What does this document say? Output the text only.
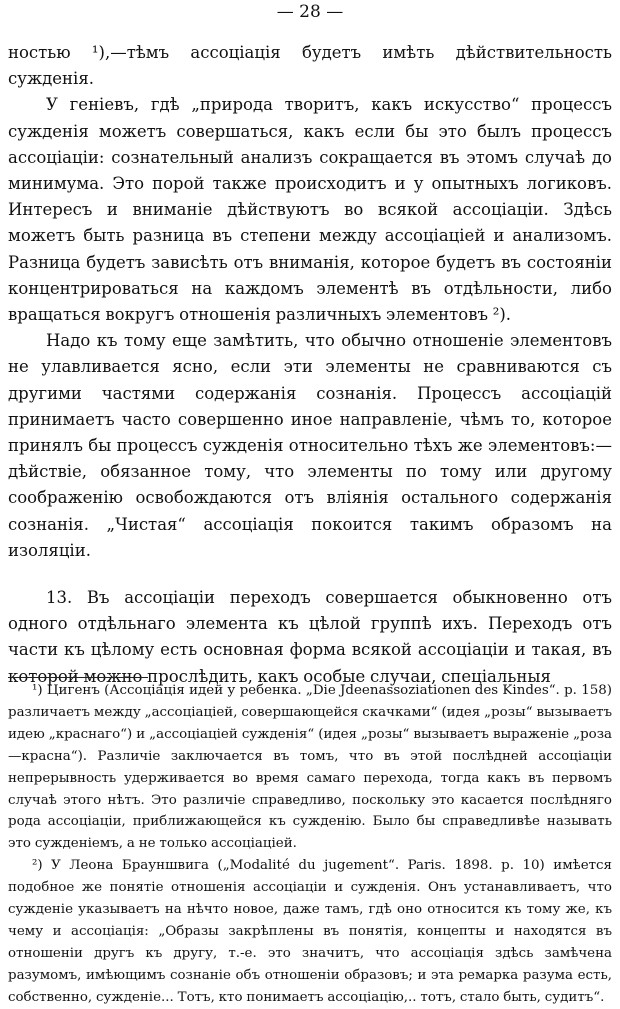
— 28 —

ностью ¹),—тѣмъ ассоціація будетъ имѣть дѣйствительность сужденія.

У геніевъ, гдѣ „природа творитъ, какъ искусство“ процессъ сужденія можетъ совершаться, какъ если бы это былъ процессъ ассоціаціи: сознательный анализъ сокращается въ этомъ случаѣ до минимума. Это порой также происходитъ и у опытныхъ логиковъ. Интересъ и вниманіе дѣйствуютъ во всякой ассоціаціи. Здѣсь можетъ быть разница въ степени между ассоціаціей и анализомъ. Разница будетъ зависѣть отъ вниманія, которое будетъ въ состояніи концентрироваться на каждомъ элементѣ въ отдѣльности, либо вращаться вокругъ отношенія различныхъ элементовъ ²).

Надо къ тому еще замѣтить, что обычно отношеніе элементовъ не улавливается ясно, если эти элементы не сравниваются съ другими частями содержанія сознанія. Процессъ ассоціацій принимаетъ часто совершенно иное направленіе, чѣмъ то, которое принялъ бы процессъ сужденія относительно тѣхъ же элементовъ:—дѣйствіе, обязанное тому, что элементы по тому или другому соображенію освобождаются отъ вліянія остального содержанія сознанія. „Чистая“ ассоціація покоится такимъ образомъ на изоляціи.

13. Въ ассоціаціи переходъ совершается обыкновенно отъ одного отдѣльнаго элемента къ цѣлой группѣ ихъ. Переходъ отъ части къ цѣлому есть основная форма всякой ассоціаціи и такая, въ которой можно прослѣдить, какъ особые случаи, спеціальныя

¹) Цигенъ (Ассоціація идей у ребенка. „Die Jdeenassoziationen des Kindes“. p. 158) различаетъ между „ассоціаціей, совершающейся скачками“ (идея „розы“ вызываетъ идею „краснаго“) и „ассоціаціей сужденія“ (идея „розы“ вызываетъ выраженіе „роза—красна“). Различіе заключается въ томъ, что въ этой послѣдней ассоціаціи непрерывность удерживается во время самаго перехода, тогда какъ въ первомъ случаѣ этого нѣтъ. Это различіе справедливо, поскольку это касается послѣдняго рода ассоціаціи, приближающейся къ сужденію. Было бы справедливѣе называть это сужденіемъ, а не только ассоціаціей.

²) У Леона Брауншвига („Modalité du jugement“. Paris. 1898. p. 10) имѣется подобное же понятіе отношенія ассоціаціи и сужденія. Онъ устанавливаетъ, что сужденіе указываетъ на нѣчто новое, даже тамъ, гдѣ оно относится къ тому же, къ чему и ассоціація: „Образы закрѣплены въ понятія, концепты и находятся въ отношеніи другъ къ другу, т.-е. это значитъ, что ассоціація здѣсь замѣчена разумомъ, имѣющимъ сознаніе объ отношеніи образовъ; и эта ремарка разума есть, собственно, сужденіе... Тотъ, кто понимаетъ ассоціацію,.. тотъ, стало быть, судитъ“.
